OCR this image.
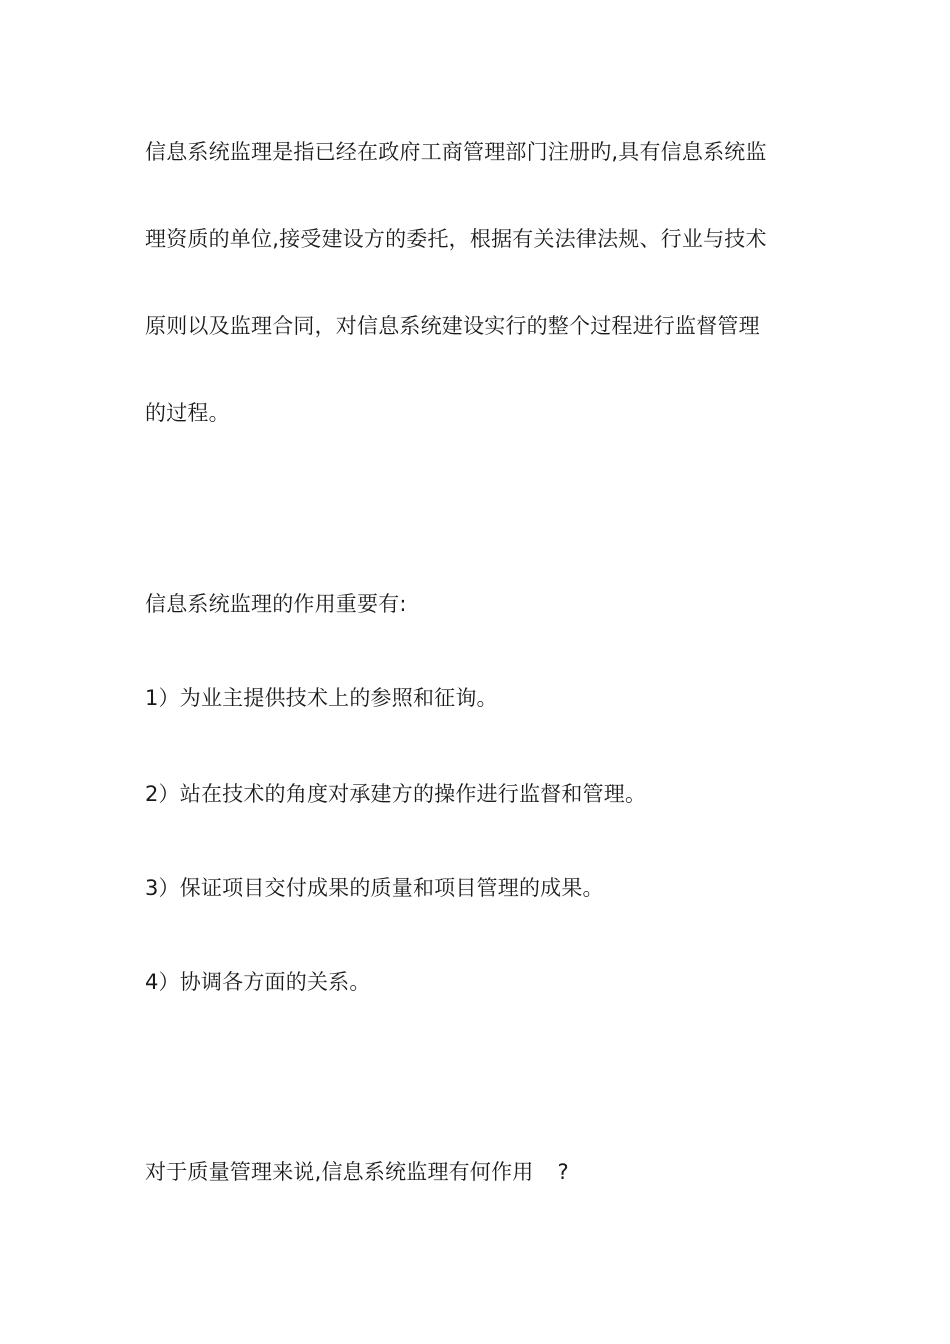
信息系统监理是指已经在政府工商管理部门注册旳,具有信息系统监
理资质的单位,接受建设方的委托，根据有关法律法规、行业与技术
原则以及监理合同，对信息系统建设实行的整个过程进行监督管理
的过程。
信息系统监理的作用重要有:
1）为业主提供技术上的参照和征询。
2）站在技术的角度对承建方的操作进行监督和管理。
3）保证项目交付成果的质量和项目管理的成果。
4）协调各方面的关系。
对于质量管理来说,信息系统监理有何作用 ?
